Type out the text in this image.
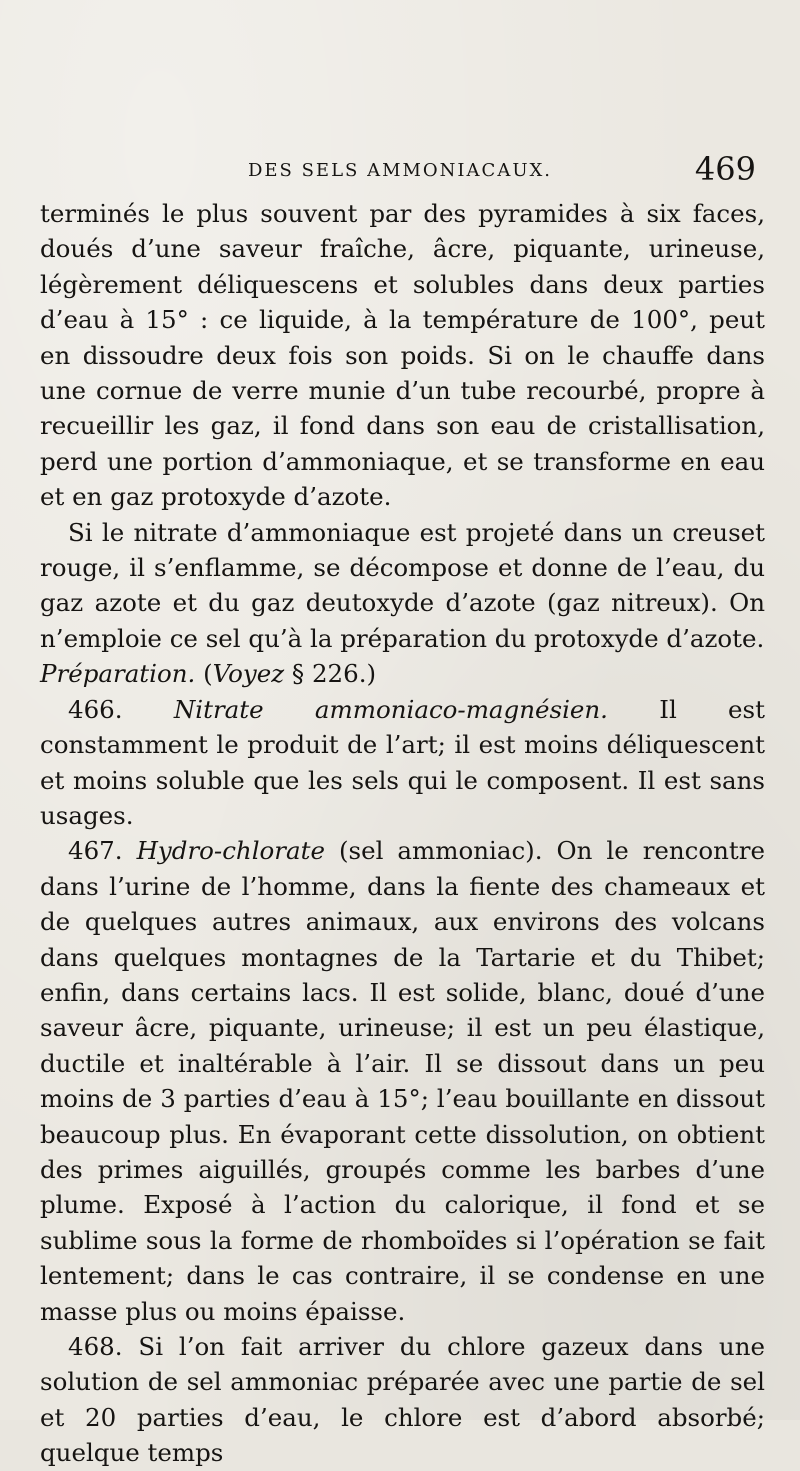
DES SELS AMMONIACAUX.	469

terminés le plus souvent par des pyramides à six faces, doués d’une saveur fraîche, âcre, piquante, urineuse, légèrement déliquescens et solubles dans deux parties d’eau à 15° : ce liquide, à la température de 100°, peut en dissoudre deux fois son poids. Si on le chauffe dans une cornue de verre munie d’un tube recourbé, propre à recueillir les gaz, il fond dans son eau de cristallisation, perd une portion d’ammoniaque, et se transforme en eau et en gaz protoxyde d’azote.

Si le nitrate d’ammoniaque est projeté dans un creuset rouge, il s’enflamme, se décompose et donne de l’eau, du gaz azote et du gaz deutoxyde d’azote (gaz nitreux). On n’emploie ce sel qu’à la préparation du protoxyde d’azote.

Préparation. (Voyez § 226.)

466. Nitrate ammoniaco-magnésien. Il est constamment le produit de l’art; il est moins déliquescent et moins soluble que les sels qui le composent. Il est sans usages.

467. Hydro-chlorate (sel ammoniac). On le rencontre dans l’urine de l’homme, dans la fiente des chameaux et de quelques autres animaux, aux environs des volcans dans quelques montagnes de la Tartarie et du Thibet; enfin, dans certains lacs. Il est solide, blanc, doué d’une saveur âcre, piquante, urineuse; il est un peu élastique, ductile et inaltérable à l’air. Il se dissout dans un peu moins de 3 parties d’eau à 15°; l’eau bouillante en dissout beaucoup plus. En évaporant cette dissolution, on obtient des primes aiguillés, groupés comme les barbes d’une plume. Exposé à l’action du calorique, il fond et se sublime sous la forme de rhomboïdes si l’opération se fait lentement; dans le cas contraire, il se condense en une masse plus ou moins épaisse.

468. Si l’on fait arriver du chlore gazeux dans une solution de sel ammoniac préparée avec une partie de sel et 20 parties d’eau, le chlore est d’abord absorbé; quelque temps
